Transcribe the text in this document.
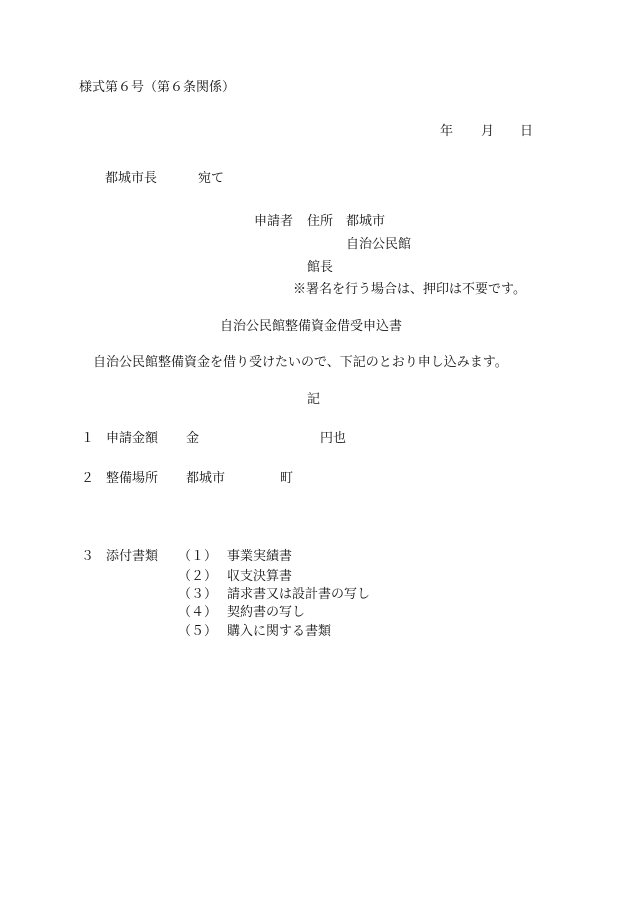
様式第６号（第６条関係）
年 月 日
都城市長	宛て
申請者 住所 都城市
自治公民館
館長
※署名を行う場合は、押印は不要です。
自治公民館整備資金借受申込書
自治公民館整備資金を借り受けたいので、下記のとおり申し込みます。
記
１ 申請金額 金	円也
２ 整備場所 都城市	町
３ 添付書類 （１） 事業実績書
（２） 収支決算書
（３） 請求書又は設計書の写し
（４） 契約書の写し
（５） 購入に関する書類
